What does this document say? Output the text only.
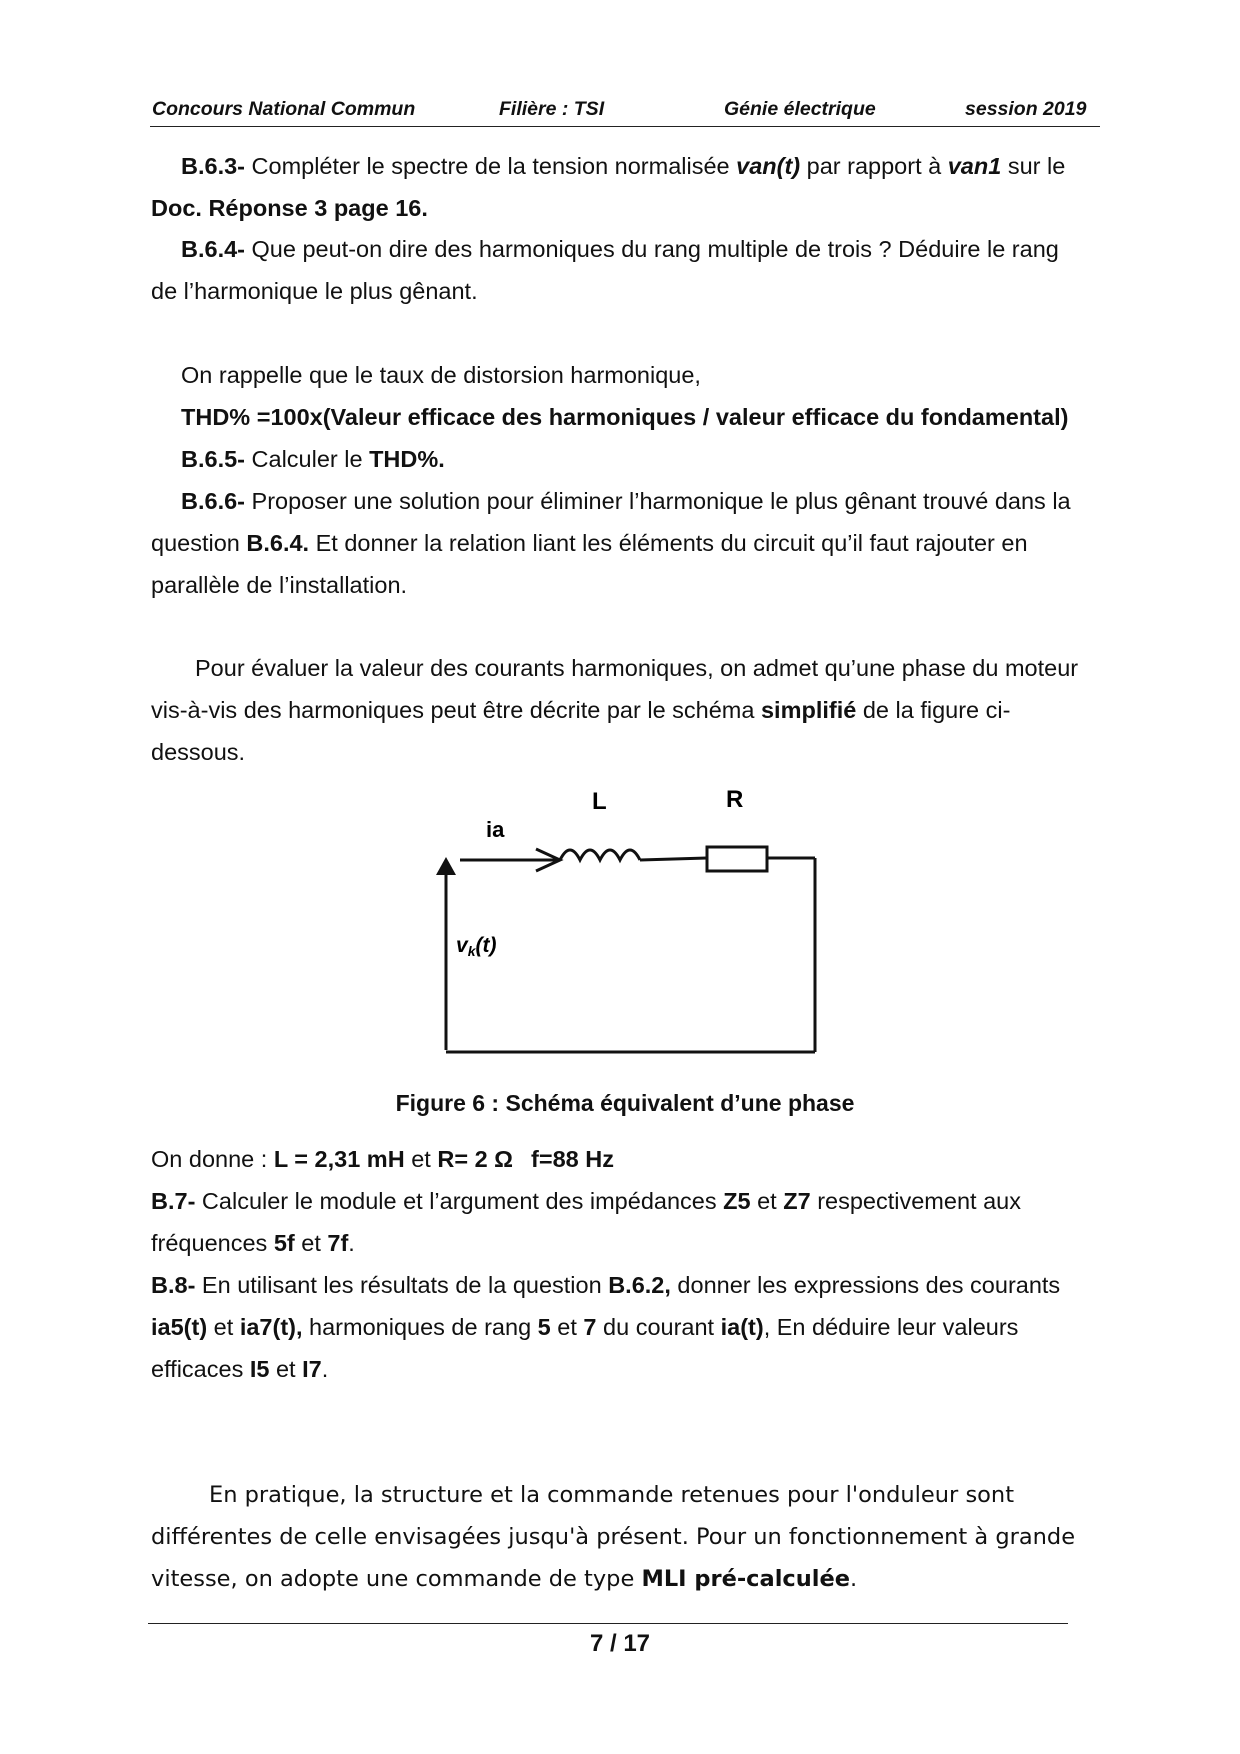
Concours National Commun	Filière : TSI	Génie électrique	session 2019
B.6.3- Compléter le spectre de la tension normalisée van(t) par rapport à van1 sur le
Doc. Réponse 3 page 16.
B.6.4- Que peut-on dire des harmoniques du rang multiple de trois ? Déduire le rang
de l’harmonique le plus gênant.
On rappelle que le taux de distorsion harmonique,
THD% =100x(Valeur efficace des harmoniques / valeur efficace du fondamental)
B.6.5- Calculer le THD%.
B.6.6- Proposer une solution pour éliminer l’harmonique le plus gênant trouvé dans la
question B.6.4. Et donner la relation liant les éléments du circuit qu’il faut rajouter en
parallèle de l’installation.
Pour évaluer la valeur des courants harmoniques, on admet qu’une phase du moteur
vis-à-vis des harmoniques peut être décrite par le schéma simplifié de la figure ci-
dessous.
ia
L	R
vk(t)
Figure 6 : Schéma équivalent d’une phase
On donne : L = 2,31 mH et R= 2 Ω f=88 Hz
B.7- Calculer le module et l’argument des impédances Z5 et Z7 respectivement aux
fréquences 5f et 7f.
B.8- En utilisant les résultats de la question B.6.2, donner les expressions des courants
ia5(t) et ia7(t), harmoniques de rang 5 et 7 du courant ia(t), En déduire leur valeurs
efficaces I5 et I7.
En pratique, la structure et la commande retenues pour l'onduleur sont
différentes de celle envisagées jusqu'à présent. Pour un fonctionnement à grande
vitesse, on adopte une commande de type MLI pré-calculée.
7 / 17
